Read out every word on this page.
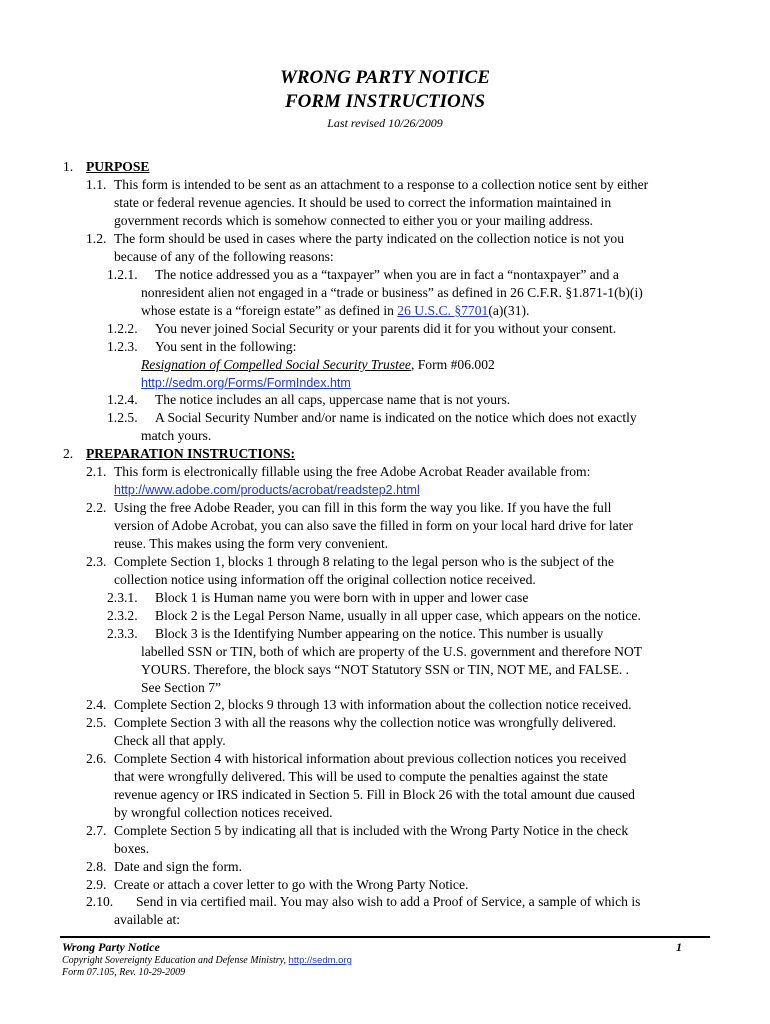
WRONG PARTY NOTICE
FORM INSTRUCTIONS
Last revised 10/26/2009
1. PURPOSE
1.1. This form is intended to be sent as an attachment to a response to a collection notice sent by either
state or federal revenue agencies. It should be used to correct the information maintained in
government records which is somehow connected to either you or your mailing address.
1.2. The form should be used in cases where the party indicated on the collection notice is not you
because of any of the following reasons:
1.2.1. The notice addressed you as a “taxpayer” when you are in fact a “nontaxpayer” and a
nonresident alien not engaged in a “trade or business” as defined in 26 C.F.R. §1.871-1(b)(i)
whose estate is a “foreign estate” as defined in 26 U.S.C. §7701(a)(31).
1.2.2. You never joined Social Security or your parents did it for you without your consent.
1.2.3. You sent in the following:
Resignation of Compelled Social Security Trustee, Form #06.002
http://sedm.org/Forms/FormIndex.htm
1.2.4. The notice includes an all caps, uppercase name that is not yours.
1.2.5. A Social Security Number and/or name is indicated on the notice which does not exactly
match yours.
2. PREPARATION INSTRUCTIONS:
2.1. This form is electronically fillable using the free Adobe Acrobat Reader available from:
http://www.adobe.com/products/acrobat/readstep2.html
2.2. Using the free Adobe Reader, you can fill in this form the way you like. If you have the full
version of Adobe Acrobat, you can also save the filled in form on your local hard drive for later
reuse. This makes using the form very convenient.
2.3. Complete Section 1, blocks 1 through 8 relating to the legal person who is the subject of the
collection notice using information off the original collection notice received.
2.3.1. Block 1 is Human name you were born with in upper and lower case
2.3.2. Block 2 is the Legal Person Name, usually in all upper case, which appears on the notice.
2.3.3. Block 3 is the Identifying Number appearing on the notice. This number is usually
labelled SSN or TIN, both of which are property of the U.S. government and therefore NOT
YOURS. Therefore, the block says “NOT Statutory SSN or TIN, NOT ME, and FALSE. .
See Section 7”
2.4. Complete Section 2, blocks 9 through 13 with information about the collection notice received.
2.5. Complete Section 3 with all the reasons why the collection notice was wrongfully delivered.
Check all that apply.
2.6. Complete Section 4 with historical information about previous collection notices you received
that were wrongfully delivered. This will be used to compute the penalties against the state
revenue agency or IRS indicated in Section 5. Fill in Block 26 with the total amount due caused
by wrongful collection notices received.
2.7. Complete Section 5 by indicating all that is included with the Wrong Party Notice in the check
boxes.
2.8. Date and sign the form.
2.9. Create or attach a cover letter to go with the Wrong Party Notice.
2.10. Send in via certified mail. You may also wish to add a Proof of Service, a sample of which is
available at:
Wrong Party Notice	1
Copyright Sovereignty Education and Defense Ministry, http://sedm.org
Form 07.105, Rev. 10-29-2009
